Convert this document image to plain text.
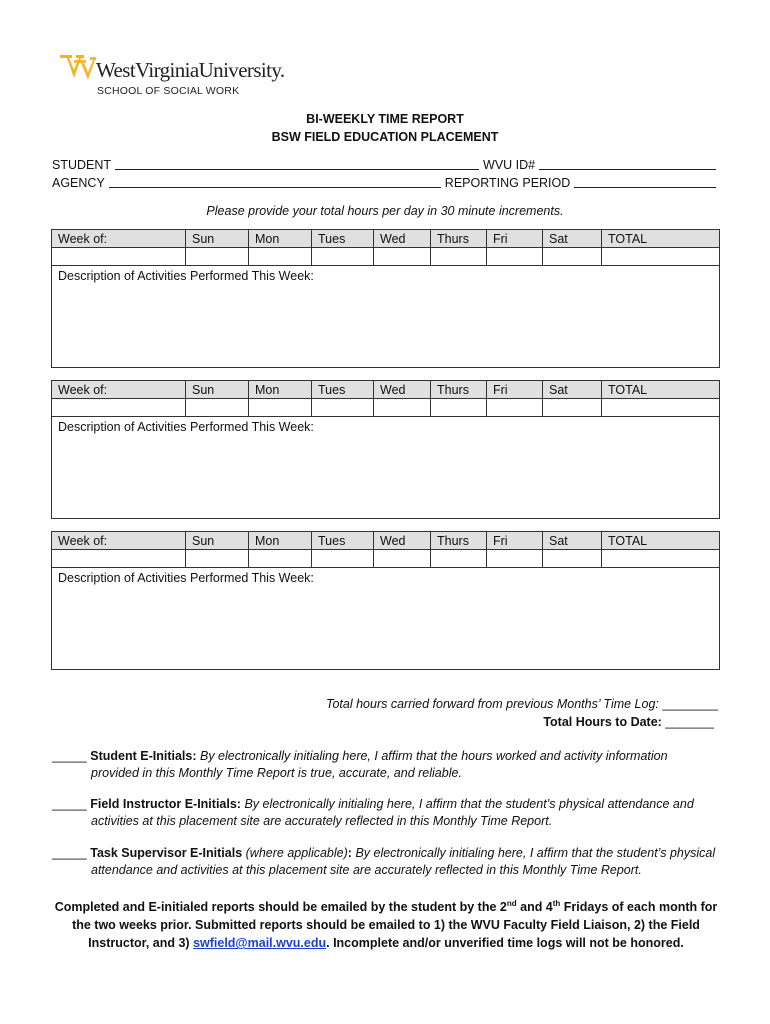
WestVirginiaUniversity.
SCHOOL OF SOCIAL WORK
BI-WEEKLY TIME REPORT
BSW FIELD EDUCATION PLACEMENT
STUDENT	WVU ID#
AGENCY	REPORTING PERIOD
Please provide your total hours per day in 30 minute increments.
Week of:	Sun	Mon	Tues	Wed	Thurs	Fri	Sat	TOTAL

Description of Activities Performed This Week:								
Week of:	Sun	Mon	Tues	Wed	Thurs	Fri	Sat	TOTAL

Description of Activities Performed This Week:								
Week of:	Sun	Mon	Tues	Wed	Thurs	Fri	Sat	TOTAL

Description of Activities Performed This Week:								
Total hours carried forward from previous Months’ Time Log: ________
Total Hours to Date: _______
_____ Student E-Initials: By electronically initialing here, I affirm that the hours worked and activity information
provided in this Monthly Time Report is true, accurate, and reliable.
_____ Field Instructor E-Initials: By electronically initialing here, I affirm that the student’s physical attendance and
activities at this placement site are accurately reflected in this Monthly Time Report.
_____ Task Supervisor E-Initials (where applicable): By electronically initialing here, I affirm that the student’s physical
attendance and activities at this placement site are accurately reflected in this Monthly Time Report.
Completed and E-initialed reports should be emailed by the student by the 2nd and 4th Fridays of each month for the two weeks prior. Submitted reports should be emailed to 1) the WVU Faculty Field Liaison, 2) the Field Instructor, and 3) swfield@mail.wvu.edu. Incomplete and/or unverified time logs will not be honored.
